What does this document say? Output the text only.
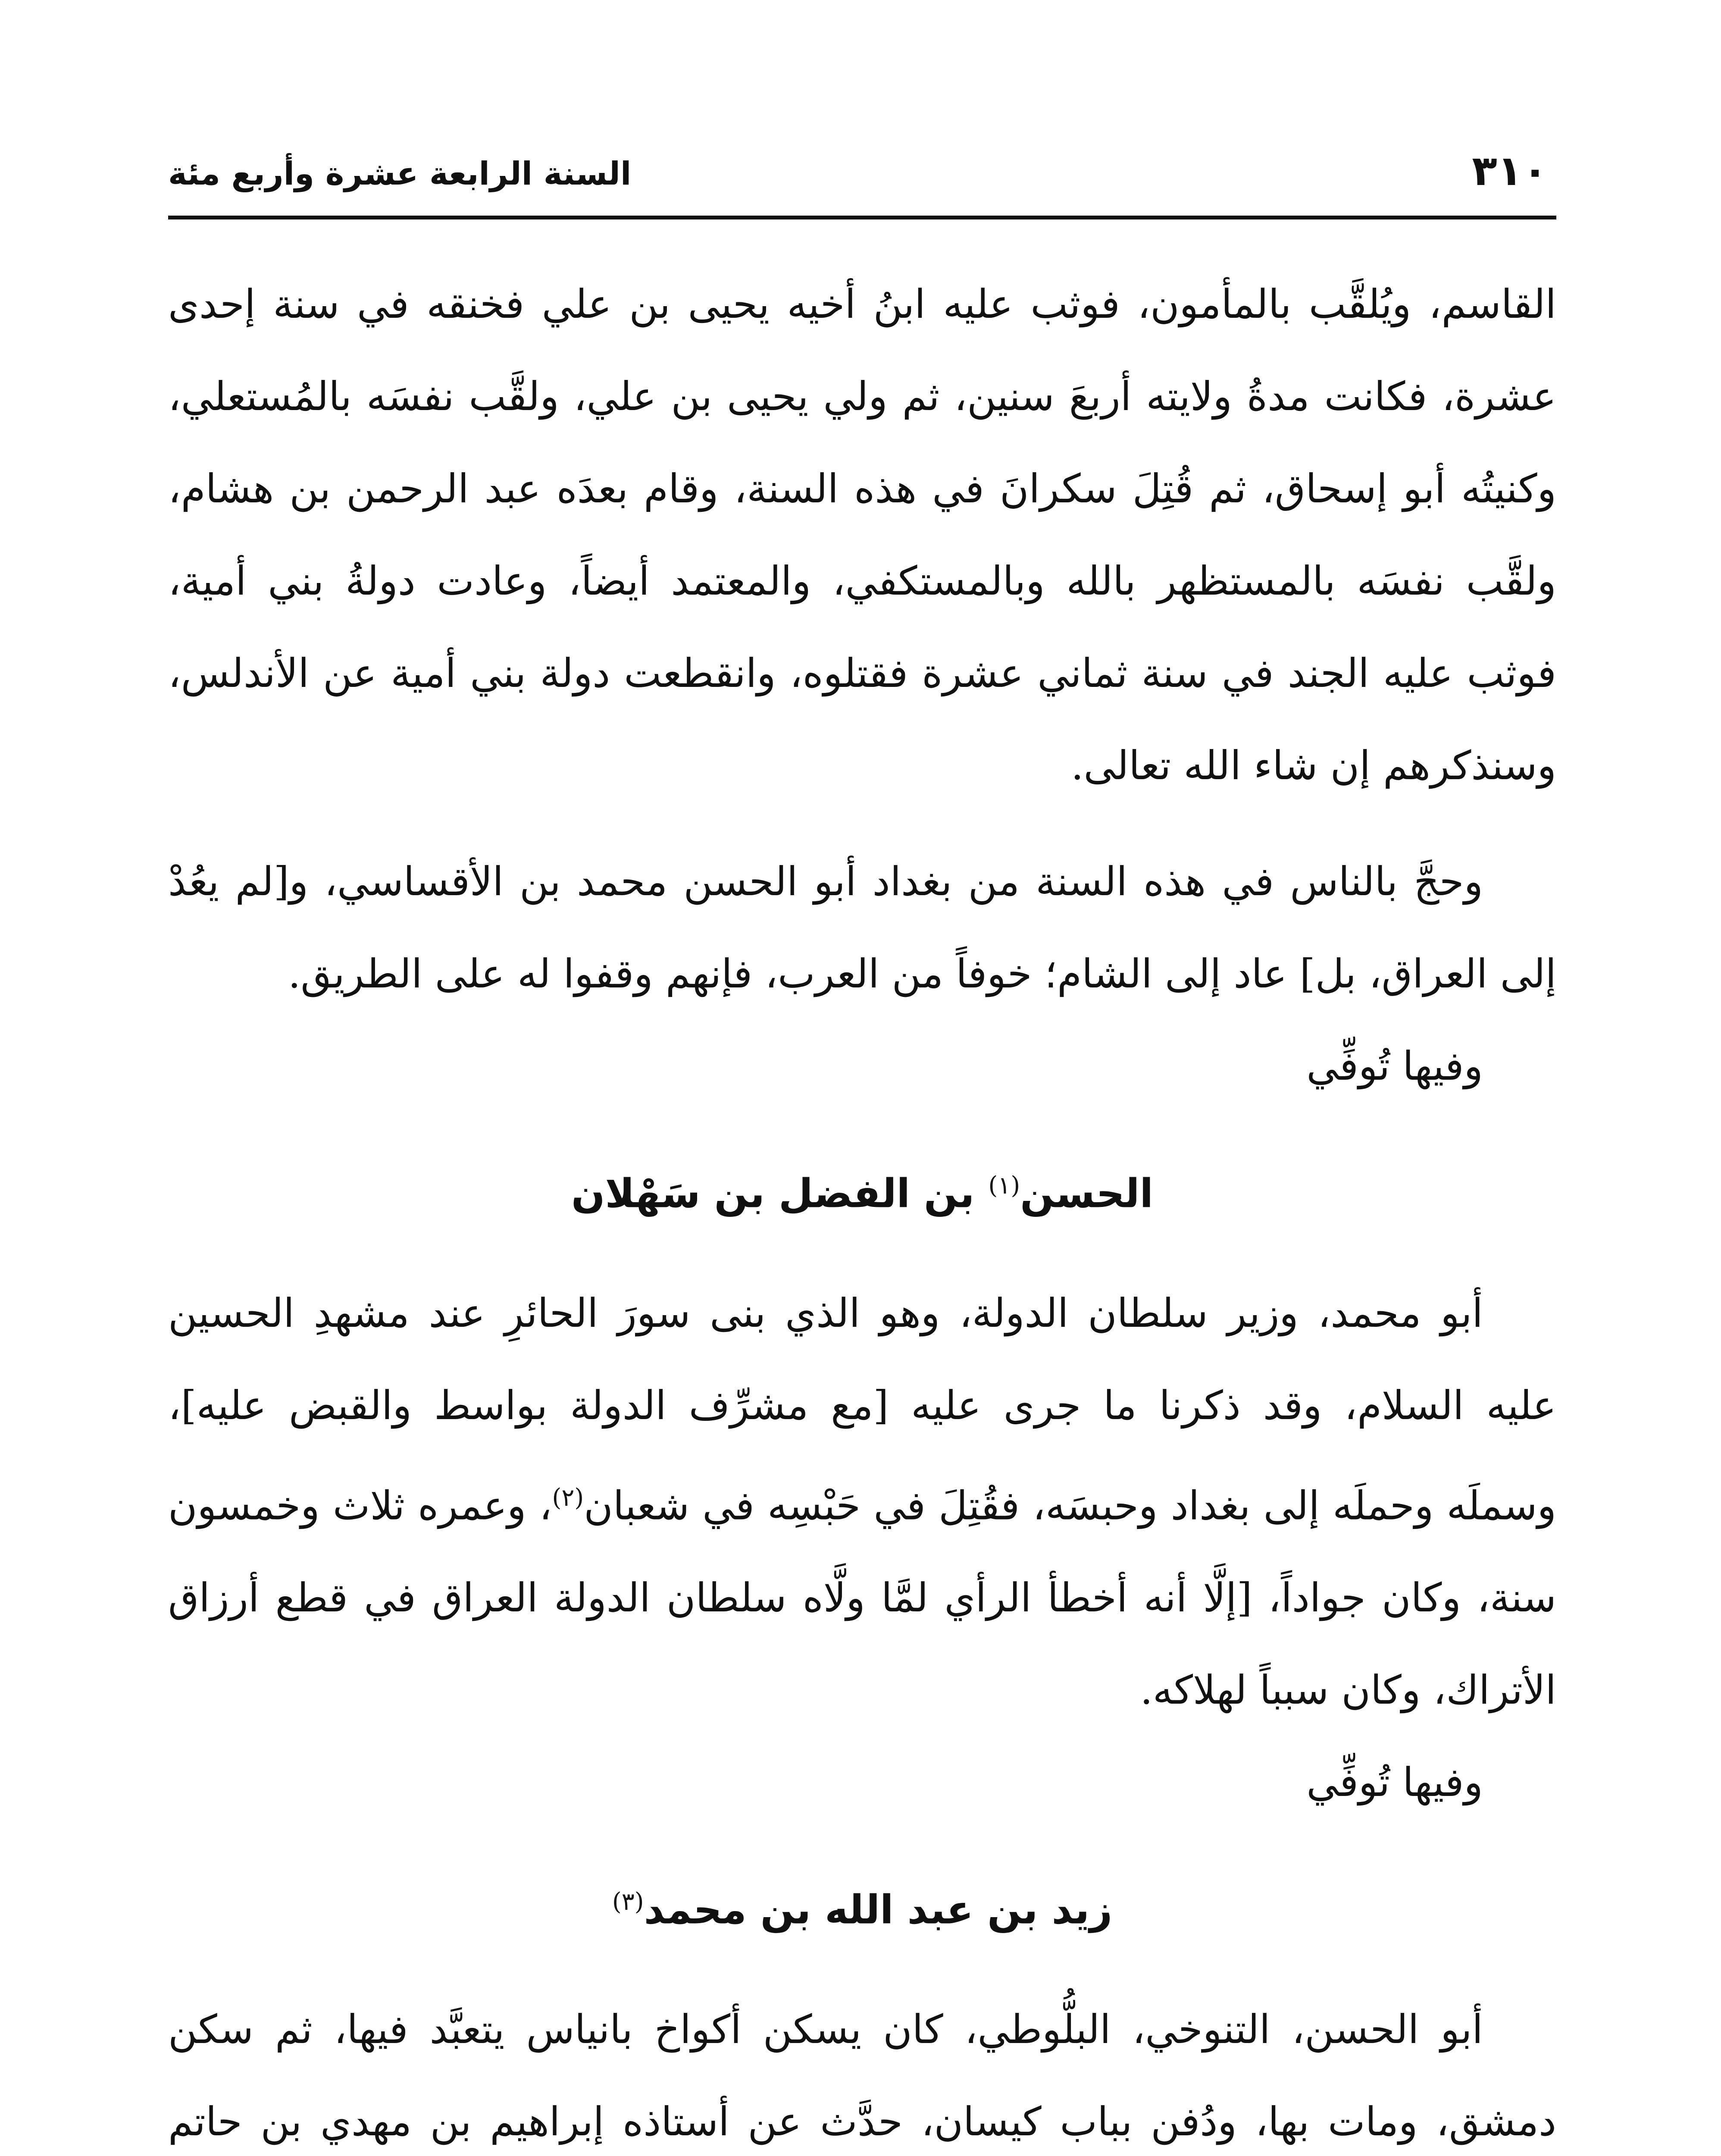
٣١٠
السنة الرابعة عشرة وأربع مئة

القاسم، ويُلقَّب بالمأمون، فوثب عليه ابنُ أخيه يحيى بن علي فخنقه في سنة إحدى عشرة، فكانت مدةُ ولايته أربعَ سنين، ثم ولي يحيى بن علي، ولقَّب نفسَه بالمُستعلي، وكنيتُه أبو إسحاق، ثم قُتِلَ سكرانَ في هذه السنة، وقام بعدَه عبد الرحمن بن هشام، ولقَّب نفسَه بالمستظهر بالله وبالمستكفي، والمعتمد أيضاً، وعادت دولةُ بني أمية، فوثب عليه الجند في سنة ثماني عشرة فقتلوه، وانقطعت دولة بني أمية عن الأندلس، وسنذكرهم إن شاء الله تعالى.

وحجَّ بالناس في هذه السنة من بغداد أبو الحسن محمد بن الأقساسي، و[لم يعُدْ إلى العراق، بل] عاد إلى الشام؛ خوفاً من العرب، فإنهم وقفوا له على الطريق.

وفيها تُوفِّي

الحسن$^{(١)}$ بن الفضل بن سَهْلان

أبو محمد، وزير سلطان الدولة، وهو الذي بنى سورَ الحائرِ عند مشهدِ الحسين عليه السلام، وقد ذكرنا ما جرى عليه [مع مشرِّف الدولة بواسط والقبض عليه]، وسملَه وحملَه إلى بغداد وحبسَه، فقُتِلَ في حَبْسِه في شعبان$^{(٢)}$، وعمره ثلاث وخمسون سنة، وكان جواداً، [إلَّا أنه أخطأ الرأي لمَّا ولَّاه سلطان الدولة العراق في قطع أرزاق الأتراك، وكان سبباً لهلاكه.

وفيها تُوفِّي

زيد بن عبد الله بن محمد$^{(٣)}$

أبو الحسن، التنوخي، البلُّوطي، كان يسكن أكواخ بانياس يتعبَّد فيها، ثم سكن دمشق، ومات بها، ودُفن بباب كيسان، حدَّث عن أستاذه إبراهيم بن مهدي بن حاتم
